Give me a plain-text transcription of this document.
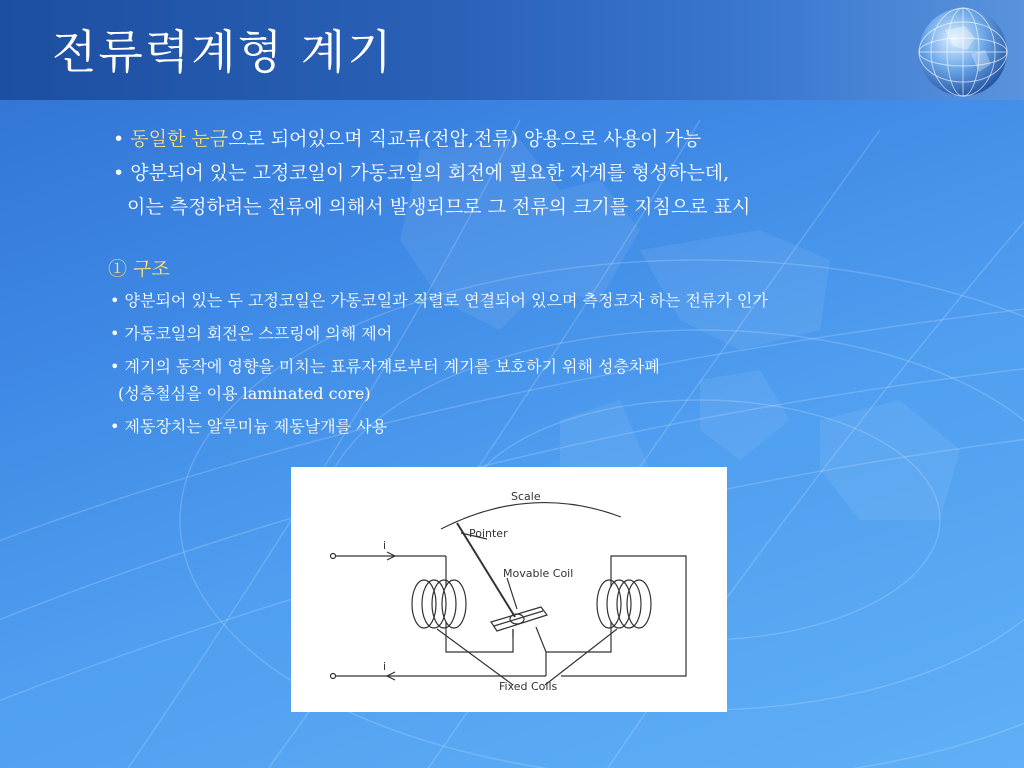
전류력계형 계기
• 동일한 눈금으로 되어있으며 직교류(전압,전류) 양용으로 사용이 가능
• 양분되어 있는 고정코일이 가동코일의 회전에 필요한 자계를 형성하는데,
이는 측정하려는 전류에 의해서 발생되므로 그 전류의 크기를 지침으로 표시
① 구조
• 양분되어 있는 두 고정코일은 가동코일과 직렬로 연결되어 있으며 측정코자 하는 전류가 인가
• 가동코일의 회전은 스프링에 의해 제어
• 계기의 동작에 영향을 미치는 표류자계로부터 계기를 보호하기 위해 성층차폐
(성층철심을 이용 laminated core)
• 제동장치는 알루미늄 제동날개를 사용
Scale
Pointer
Movable Coil
Fixed Coils
i
i
